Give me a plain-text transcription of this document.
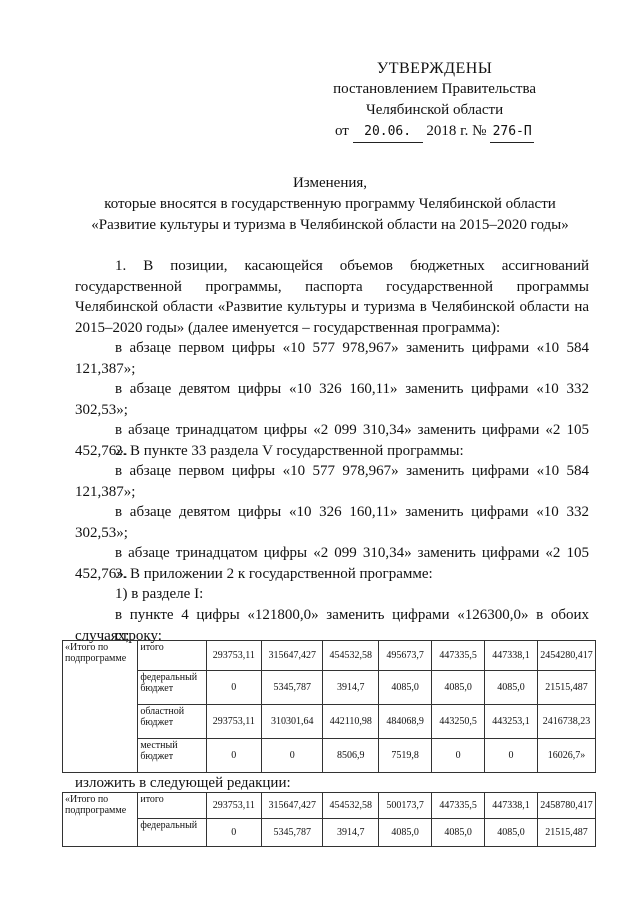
УТВЕРЖДЕНЫ
постановлением Правительства
Челябинской области
от 20.06. 2018 г. № 276-П
Изменения,
которые вносятся в государственную программу Челябинской области
«Развитие культуры и туризма в Челябинской области на 2015–2020 годы»
1. В позиции, касающейся объемов бюджетных ассигнований государственной программы, паспорта государственной программы Челябинской области «Развитие культуры и туризма в Челябинской области на 2015–2020 годы» (далее именуется – государственная программа):
в абзаце первом цифры «10 577 978,967» заменить цифрами «10 584 121,387»;
в абзаце девятом цифры «10 326 160,11» заменить цифрами «10 332 302,53»;
в абзаце тринадцатом цифры «2 099 310,34» заменить цифрами «2 105 452,76».
2. В пункте 33 раздела V государственной программы:
в абзаце первом цифры «10 577 978,967» заменить цифрами «10 584 121,387»;
в абзаце девятом цифры «10 326 160,11» заменить цифрами «10 332 302,53»;
в абзаце тринадцатом цифры «2 099 310,34» заменить цифрами «2 105 452,76».
3. В приложении 2 к государственной программе:
1) в разделе I:
в пункте 4 цифры «121800,0» заменить цифрами «126300,0» в обоих случаях;
строку:
«Итого по подпрограмме	итого	293753,11	315647,427	454532,58	495673,7	447335,5	447338,1	2454280,417
	федеральный бюджет	0	5345,787	3914,7	4085,0	4085,0	4085,0	21515,487
	областной бюджет	293753,11	310301,64	442110,98	484068,9	443250,5	443253,1	2416738,23
	местный бюджет	0	0	8506,9	7519,8	0	0	16026,7»
изложить в следующей редакции:
«Итого по подпрограмме	итого	293753,11	315647,427	454532,58	500173,7	447335,5	447338,1	2458780,417
	федеральный	0	5345,787	3914,7	4085,0	4085,0	4085,0	21515,487
